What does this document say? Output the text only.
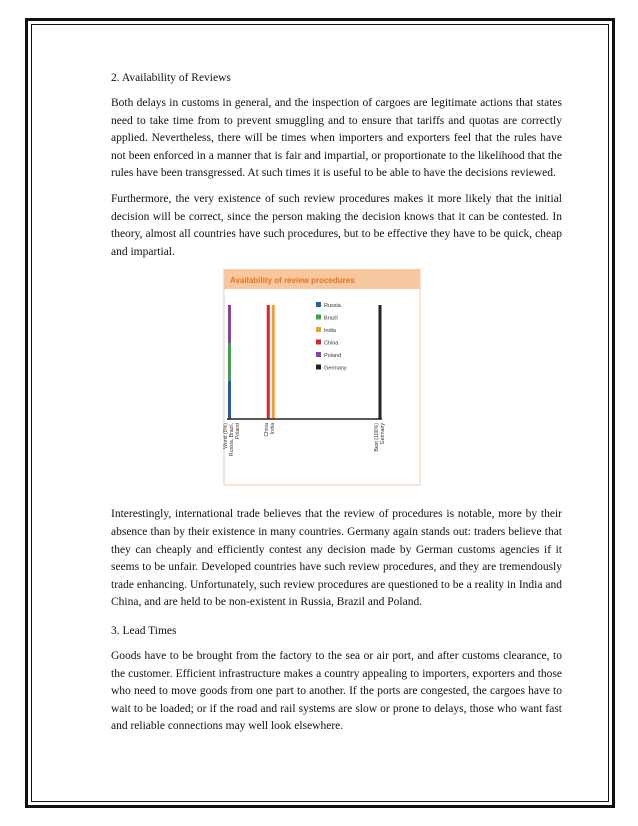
2. Availability of Reviews

Both delays in customs in general, and the inspection of cargoes are legitimate actions that states need to take time from to prevent smuggling and to ensure that tariffs and quotas are correctly applied. Nevertheless, there will be times when importers and exporters feel that the rules have not been enforced in a manner that is fair and impartial, or proportionate to the likelihood that the rules have been transgressed. At such times it is useful to be able to have the decisions reviewed.

Furthermore, the very existence of such review procedures makes it more likely that the initial decision will be correct, since the person making the decision knows that it can be contested. In theory, almost all countries have such procedures, but to be effective they have to be quick, cheap and impartial.

Availability of review procedures
Russia
Brazil
India
China
Poland
Germany
Worst (0%) Russia, Brazil, Poland	China India	Best (100%) Germany

Interestingly, international trade believes that the review of procedures is notable, more by their absence than by their existence in many countries. Germany again stands out: traders believe that they can cheaply and efficiently contest any decision made by German customs agencies if it seems to be unfair. Developed countries have such review procedures, and they are tremendously trade enhancing. Unfortunately, such review procedures are questioned to be a reality in India and China, and are held to be non-existent in Russia, Brazil and Poland.

3. Lead Times

Goods have to be brought from the factory to the sea or air port, and after customs clearance, to the customer. Efficient infrastructure makes a country appealing to importers, exporters and those who need to move goods from one part to another. If the ports are congested, the cargoes have to wait to be loaded; or if the road and rail systems are slow or prone to delays, those who want fast and reliable connections may well look elsewhere.
